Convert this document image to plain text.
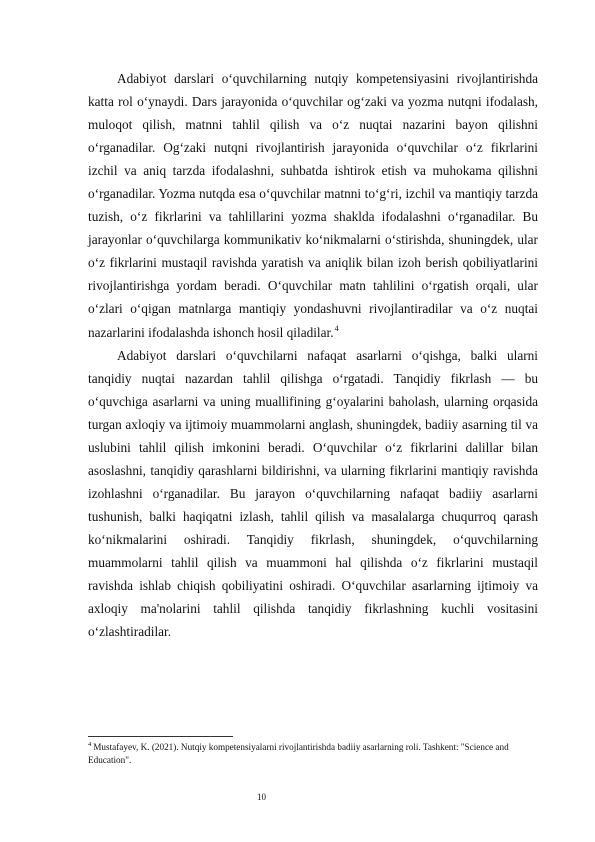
Adabiyot darslari o‘quvchilarning nutqiy kompetensiyasini rivojlantirishda katta rol o‘ynaydi. Dars jarayonida o‘quvchilar og‘zaki va yozma nutqni ifodalash, muloqot qilish, matnni tahlil qilish va o‘z nuqtai nazarini bayon qilishni o‘rganadilar. Og‘zaki nutqni rivojlantirish jarayonida o‘quvchilar o‘z fikrlarini izchil va aniq tarzda ifodalashni, suhbatda ishtirok etish va muhokama qilishni o‘rganadilar. Yozma nutqda esa o‘quvchilar matnni to‘g‘ri, izchil va mantiqiy tarzda tuzish, o‘z fikrlarini va tahlillarini yozma shaklda ifodalashni o‘rganadilar. Bu jarayonlar o‘quvchilarga kommunikativ ko‘nikmalarni o‘stirishda, shuningdek, ular o‘z fikrlarini mustaqil ravishda yaratish va aniqlik bilan izoh berish qobiliyatlarini rivojlantirishga yordam beradi. O‘quvchilar matn tahlilini o‘rgatish orqali, ular o‘zlari o‘qigan matnlarga mantiqiy yondashuvni rivojlantiradilar va o‘z nuqtai nazarlarini ifodalashda ishonch hosil qiladilar.$^4$

Adabiyot darslari o‘quvchilarni nafaqat asarlarni o‘qishga, balki ularni tanqidiy nuqtai nazardan tahlil qilishga o‘rgatadi. Tanqidiy fikrlash — bu o‘quvchiga asarlarni va uning muallifining g‘oyalarini baholash, ularning orqasida turgan axloqiy va ijtimoiy muammolarni anglash, shuningdek, badiiy asarning til va uslubini tahlil qilish imkonini beradi. O‘quvchilar o‘z fikrlarini dalillar bilan asoslashni, tanqidiy qarashlarni bildirishni, va ularning fikrlarini mantiqiy ravishda izohlashni o‘rganadilar. Bu jarayon o‘quvchilarning nafaqat badiiy asarlarni tushunish, balki haqiqatni izlash, tahlil qilish va masalalarga chuqurroq qarash ko‘nikmalarini oshiradi. Tanqidiy fikrlash, shuningdek, o‘quvchilarning muammolarni tahlil qilish va muammoni hal qilishda o‘z fikrlarini mustaqil ravishda ishlab chiqish qobiliyatini oshiradi. O‘quvchilar asarlarning ijtimoiy va axloqiy ma'nolarini tahlil qilishda tanqidiy fikrlashning kuchli vositasini o‘zlashtiradilar.

$^4$ Mustafayev, K. (2021). Nutqiy kompetensiyalarni rivojlantirishda badiiy asarlarning roli. Tashkent: "Science and Education".
10
